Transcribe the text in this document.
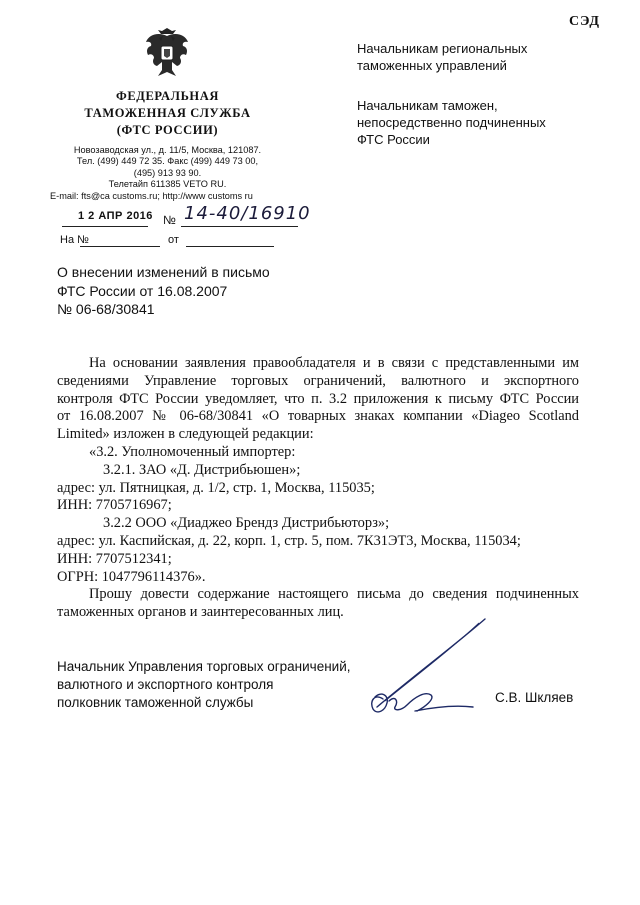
СЭД
ФЕДЕРАЛЬНАЯ
ТАМОЖЕННАЯ СЛУЖБА
(ФТС РОССИИ)
Новозаводская ул., д. 11/5, Москва, 121087.
Тел. (499) 449 72 35. Факс (499) 449 73 00,
(495) 913 93 90.
Телетайп 611385 VETO RU.
E-mail: fts@ca customs.ru; http://www customs ru
1 2 АПР 2016 № 14-40/16910
На №	от
Начальникам региональных
таможенных управлений
Начальникам таможен,
непосредственно подчиненных
ФТС России
О внесении изменений в письмо
ФТС России от 16.08.2007
№ 06-68/30841

На основании заявления правообладателя и в связи с представленными им

сведениями Управление торговых ограничений, валютного и экспортного

контроля ФТС России уведомляет, что п. 3.2 приложения к письму ФТС России

от 16.08.2007 № 06-68/30841 «О товарных знаках компании «Diageo Scotland

Limited» изложен в следующей редакции:

«3.2. Уполномоченный импортер:

3.2.1. ЗАО «Д. Дистрибьюшен»;

адрес: ул. Пятницкая, д. 1/2, стр. 1, Москва, 115035;

ИНН: 7705716967;

3.2.2 ООО «Диаджео Брендз Дистрибьюторз»;

адрес: ул. Каспийская, д. 22, корп. 1, стр. 5, пом. 7К31ЭТ3, Москва, 115034;

ИНН: 7707512341;

ОГРН: 1047796114376».

Прошу довести содержание настоящего письма до сведения подчиненных

таможенных органов и заинтересованных лиц.

Начальник Управления торговых ограничений,
валютного и экспортного контроля
полковник таможенной службы	С.В. Шкляев
